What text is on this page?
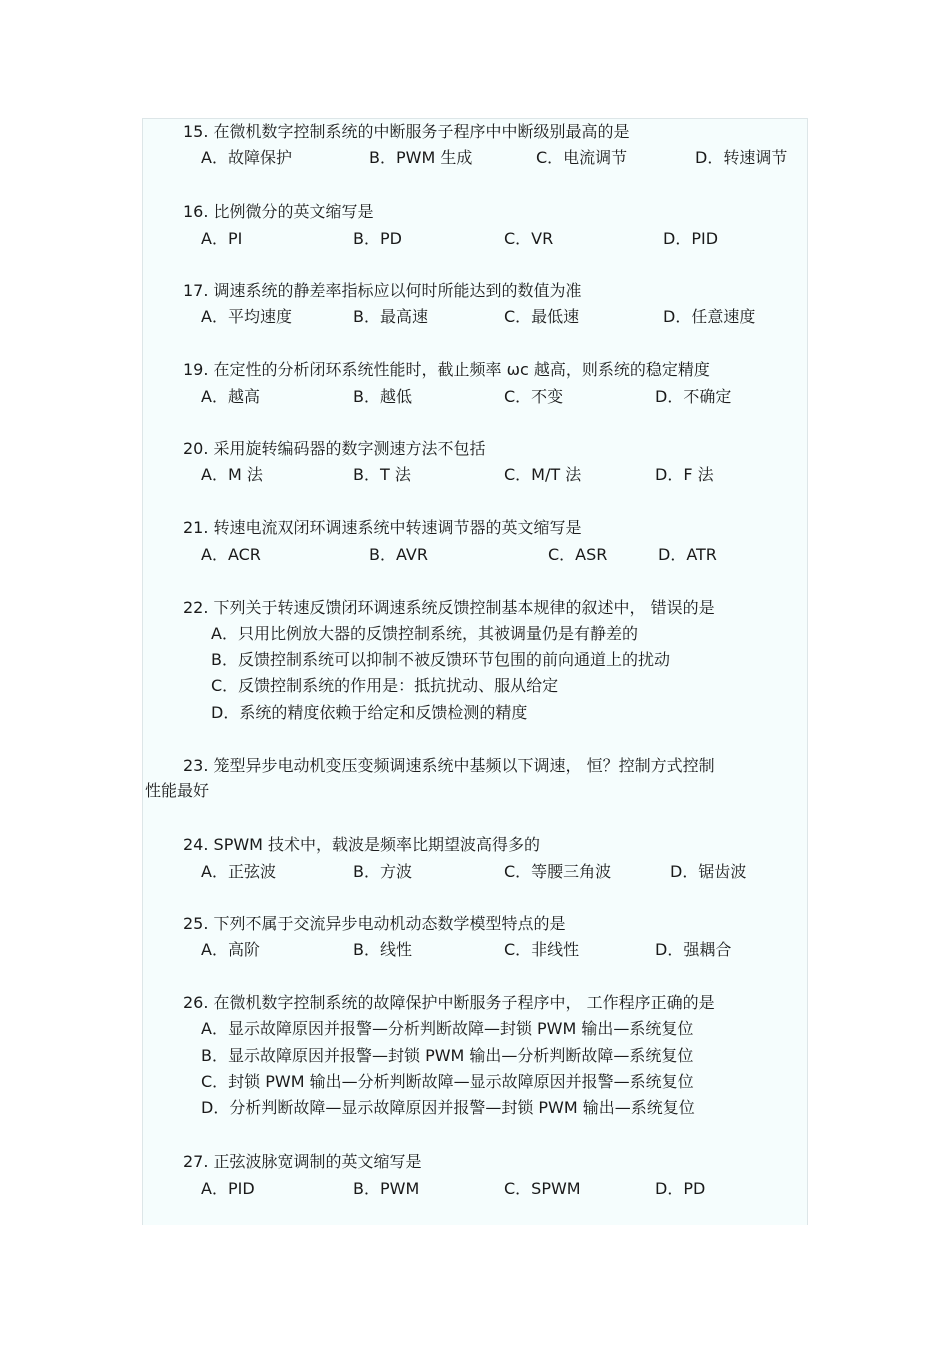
15. 在微机数字控制系统的中断服务子程序中中断级别最高的是
A．故障保护	B．PWM 生成	C．电流调节	D．转速调节
16. 比例微分的英文缩写是
A．PI	B．PD	C．VR	D．PID
17. 调速系统的静差率指标应以何时所能达到的数值为准
A．平均速度	B．最高速	C．最低速	D．任意速度
19. 在定性的分析闭环系统性能时，截止频率 ωc 越高，则系统的稳定精度
A．越高	B．越低	C．不变	D．不确定
20. 采用旋转编码器的数字测速方法不包括
A．M 法	B．T 法	C．M/T 法	D．F 法
21. 转速电流双闭环调速系统中转速调节器的英文缩写是
A．ACR	B．AVR	C．ASR	D．ATR
22. 下列关于转速反馈闭环调速系统反馈控制基本规律的叙述中， 错误的是
A．只用比例放大器的反馈控制系统，其被调量仍是有静差的
B．反馈控制系统可以抑制不被反馈环节包围的前向通道上的扰动
C．反馈控制系统的作用是：抵抗扰动、服从给定
D．系统的精度依赖于给定和反馈检测的精度
23. 笼型异步电动机变压变频调速系统中基频以下调速， 恒？控制方式控制
性能最好
24. SPWM 技术中，载波是频率比期望波高得多的
A．正弦波	B．方波	C．等腰三角波	D．锯齿波
25. 下列不属于交流异步电动机动态数学模型特点的是
A．高阶	B．线性	C．非线性	D．强耦合
26. 在微机数字控制系统的故障保护中断服务子程序中， 工作程序正确的是
A．显示故障原因并报警—分析判断故障—封锁 PWM 输出—系统复位
B．显示故障原因并报警—封锁 PWM 输出—分析判断故障—系统复位
C．封锁 PWM 输出—分析判断故障—显示故障原因并报警—系统复位
D．分析判断故障—显示故障原因并报警—封锁 PWM 输出—系统复位
27. 正弦波脉宽调制的英文缩写是
A．PID	B．PWM	C．SPWM	D．PD
